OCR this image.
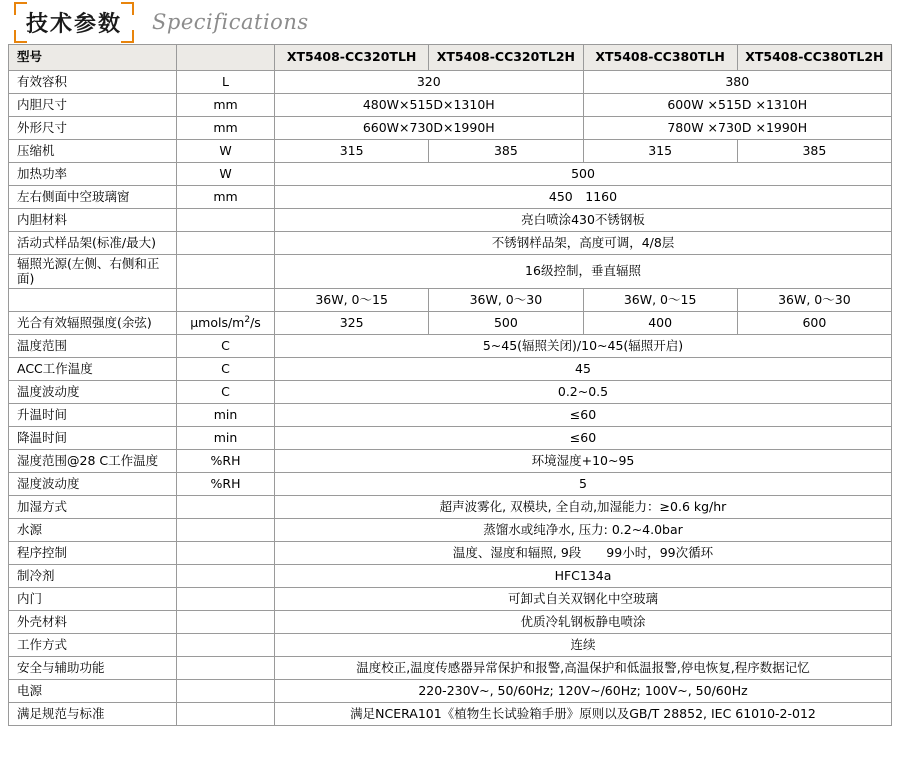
技术参数	Specifications
型号		XT5408-CC320TLH	XT5408-CC320TL2H	XT5408-CC380TLH	XT5408-CC380TL2H
有效容积	L	320		380	
内胆尺寸	mm	480W×515D×1310H		600W ×515D ×1310H	
外形尺寸	mm	660W×730D×1990H		780W ×730D ×1990H	
压缩机	W	315	385	315	385
加热功率	W	500			
左右侧面中空玻璃窗	mm	450　1160			
内胆材料		亮白喷涂430不锈钢板			
活动式样品架(标准/最大)		不锈钢样品架，高度可调，4/8层			
辐照光源(左侧、右侧和正面)		16级控制，垂直辐照			
		36W, 0～15	36W, 0～30	36W, 0～15	36W, 0～30
光合有效辐照强度(余弦)	μmols/$m^2/s$	325	500	400	600
温度范围	C	5~45(辐照关闭)/10~45(辐照开启)			
ACC工作温度	C	45			
温度波动度	C	0.2~0.5			
升温时间	min	≤60			
降温时间	min	≤60			
湿度范围@28 C工作温度	%RH	环境湿度+10~95			
湿度波动度	%RH	5			
加湿方式		超声波雾化, 双模块, 全自动,加湿能力：≥0.6 kg/hr			
水源		蒸馏水或纯净水, 压力: 0.2~4.0bar			
程序控制		温度、湿度和辐照, 9段　　99小时，99次循环			
制冷剂		HFC134a			
内门		可卸式自关双钢化中空玻璃			
外壳材料		优质冷轧钢板静电喷涂			
工作方式		连续			
安全与辅助功能		温度校正,温度传感器异常保护和报警,高温保护和低温报警,停电恢复,程序数据记忆			
电源		220-230V~, 50/60Hz; 120V~/60Hz; 100V~, 50/60Hz			
满足规范与标准		满足NCERA101《植物生长试验箱手册》原则以及GB/T 28852, IEC 61010-2-012			
